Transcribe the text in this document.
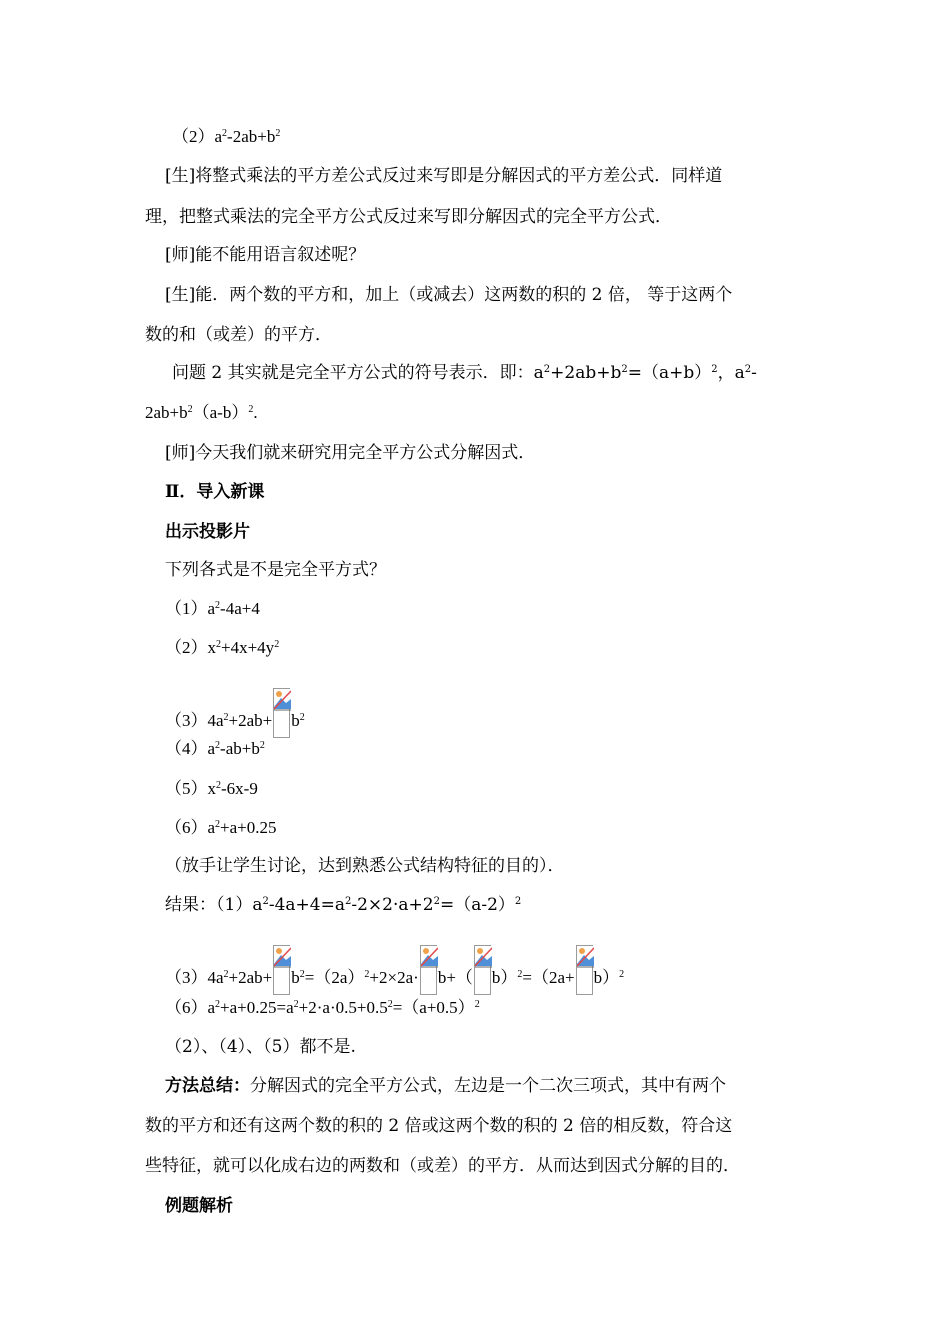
$(2)a^2-2ab+b^2$
[生]将整式乘法的平方差公式反过来写即是分解因式的平方差公式．同样道
理，把整式乘法的完全平方公式反过来写即分解因式的完全平方公式．
[师]能不能用语言叙述呢？
[生]能．两个数的平方和，加上（或减去）这两数的积的 2 倍， 等于这两个
数的和（或差）的平方．
问题 2 其实就是完全平方公式的符号表示．即：$a^2+2ab+b^2=(a+b)^2$，$a^2-$
$2ab+b^2(a-b)^2$.
[师]今天我们就来研究用完全平方公式分解因式．
Ⅱ．导入新课
出示投影片
下列各式是不是完全平方式？
$(1)a^2-4a+4$
$(2)x^2+4x+4y^2$
$(3)4a^2+2ab+ b^2$
$(4)a^2-ab+b^2$
$(5)x^2-6x-9$
$(6)a^2+a+0.25$
（放手让学生讨论，达到熟悉公式结构特征的目的）．
结果：$(1)a^2-4a+4=a^2-2\times 2\cdot a+2^2=(a-2)^2$
$(3)4a^2+2ab+ b^2=(2a)^2+2\times 2a\cdot b+$（ $b)^2=(2a+ b)^2$
$(6)a^2+a+0.25=a^2+2\cdot a\cdot 0.5+0.5^2=(a+0.5)^2$
（2）、（4）、（5）都不是.
方法总结：分解因式的完全平方公式，左边是一个二次三项式，其中有两个
数的平方和还有这两个数的积的 2 倍或这两个数的积的 2 倍的相反数，符合这
些特征，就可以化成右边的两数和（或差）的平方．从而达到因式分解的目的．
例题解析
